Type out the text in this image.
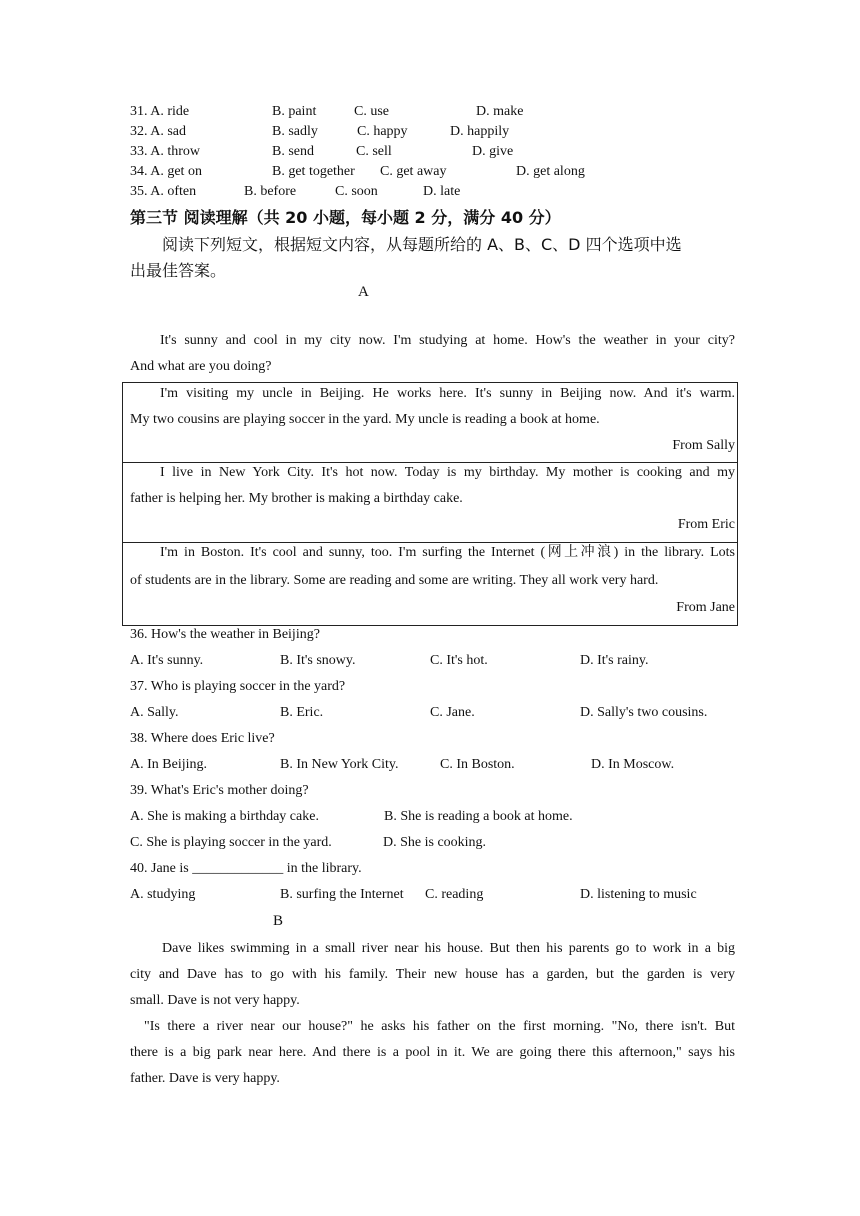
31. A. ride	B. paint	C. use	D. make
32. A. sad	B. sadly	C. happy	D. happily
33. A. throw	B. send	C. sell	D. give
34. A. get on	B. get together C. get away	D. get along
35. A. often	B. before	C. soon	D. late
第三节 阅读理解（共 20 小题，每小题 2 分，满分 40 分）
阅读下列短文，根据短文内容，从每题所给的 A、B、C、D 四个选项中选
出最佳答案。
A
It's sunny and cool in my city now. I'm studying at home. How's the weather in your city?
And what are you doing?
I'm visiting my uncle in Beijing. He works here. It's sunny in Beijing now. And it's warm.
My two cousins are playing soccer in the yard. My uncle is reading a book at home.
From Sally
I live in New York City. It's hot now. Today is my birthday. My mother is cooking and my
father is helping her. My brother is making a birthday cake.
From Eric
I'm in Boston. It's cool and sunny, too. I'm surfing the Internet (网上冲浪) in the library. Lots
of students are in the library. Some are reading and some are writing. They all work very hard.
From Jane
36. How's the weather in Beijing?
A. It's sunny.	B. It's snowy.	C. It's hot.	D. It's rainy.
37. Who is playing soccer in the yard?
A. Sally.	B. Eric.	C. Jane.	D. Sally's two cousins.
38. Where does Eric live?
A. In Beijing.	B. In New York City.	C. In Boston.	D. In Moscow.
39. What's Eric's mother doing?
A. She is making a birthday cake.	B. She is reading a book at home.
C. She is playing soccer in the yard.	D. She is cooking.
40. Jane is _____________ in the library.
A. studying	B. surfing the Internet C. reading	D. listening to music
B
Dave likes swimming in a small river near his house. But then his parents go to work in a big
city and Dave has to go with his family. Their new house has a garden, but the garden is very
small. Dave is not very happy.
"Is there a river near our house?" he asks his father on the first morning. "No, there isn't. But
there is a big park near here. And there is a pool in it. We are going there this afternoon," says his
father. Dave is very happy.
